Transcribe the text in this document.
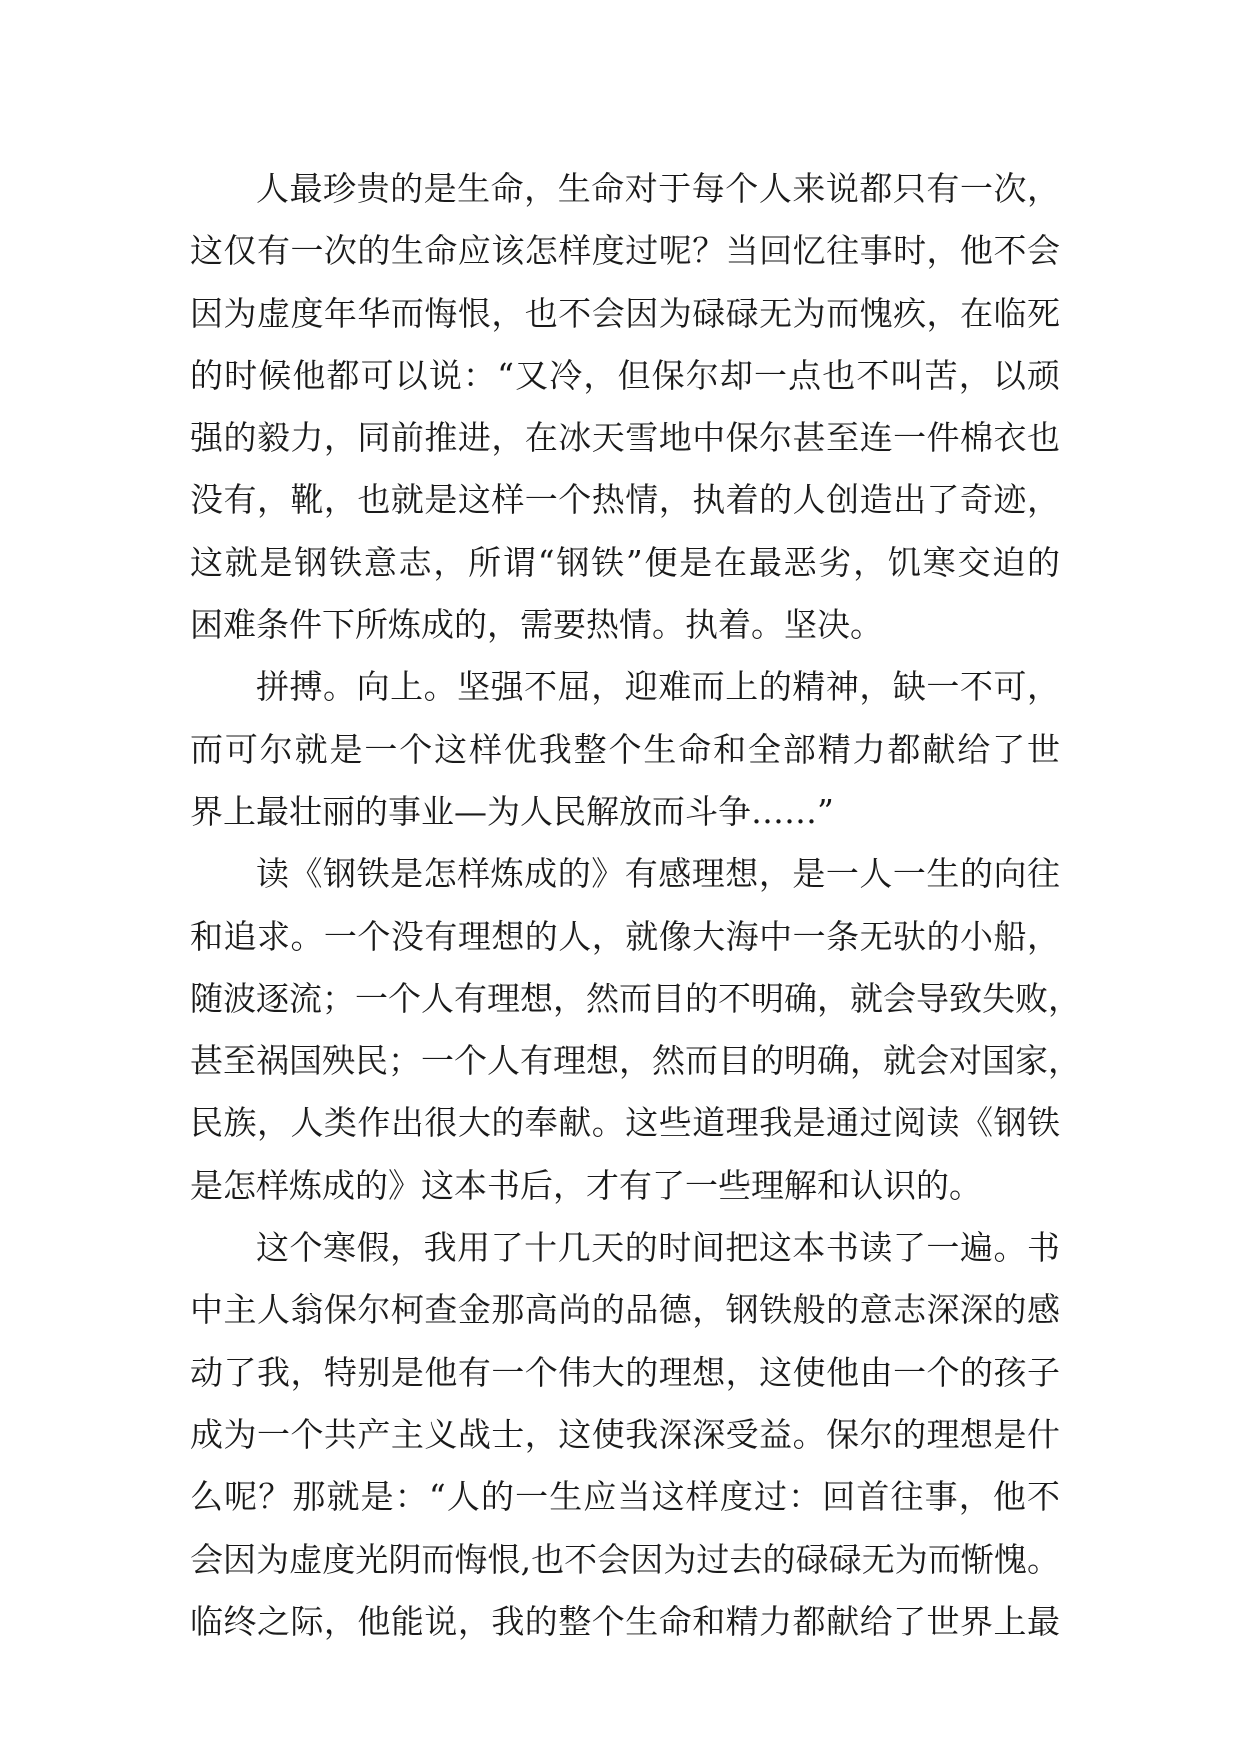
人最珍贵的是生命，生命对于每个人来说都只有一次，
这仅有一次的生命应该怎样度过呢？当回忆往事时，他不会
因为虚度年华而悔恨，也不会因为碌碌无为而愧疚，在临死
的时候他都可以说：“又冷，但保尔却一点也不叫苦，以顽
强的毅力，同前推进，在冰天雪地中保尔甚至连一件棉衣也
没有，靴，也就是这样一个热情，执着的人创造出了奇迹，
这就是钢铁意志，所谓“钢铁”便是在最恶劣，饥寒交迫的
困难条件下所炼成的，需要热情。执着。坚决。
拼搏。向上。坚强不屈，迎难而上的精神，缺一不可，
而可尔就是一个这样优我整个生命和全部精力都献给了世
界上最壮丽的事业—为人民解放而斗争……”
读《钢铁是怎样炼成的》有感理想，是一人一生的向往
和追求。一个没有理想的人，就像大海中一条无驮的小船，
随波逐流；一个人有理想，然而目的不明确，就会导致失败，
甚至祸国殃民；一个人有理想，然而目的明确，就会对国家，
民族，人类作出很大的奉献。这些道理我是通过阅读《钢铁
是怎样炼成的》这本书后，才有了一些理解和认识的。
这个寒假，我用了十几天的时间把这本书读了一遍。书
中主人翁保尔柯查金那高尚的品德，钢铁般的意志深深的感
动了我，特别是他有一个伟大的理想，这使他由一个的孩子
成为一个共产主义战士，这使我深深受益。保尔的理想是什
么呢？那就是：“人的一生应当这样度过：回首往事，他不
会因为虚度光阴而悔恨,也不会因为过去的碌碌无为而惭愧。
临终之际，他能说，我的整个生命和精力都献给了世界上最
